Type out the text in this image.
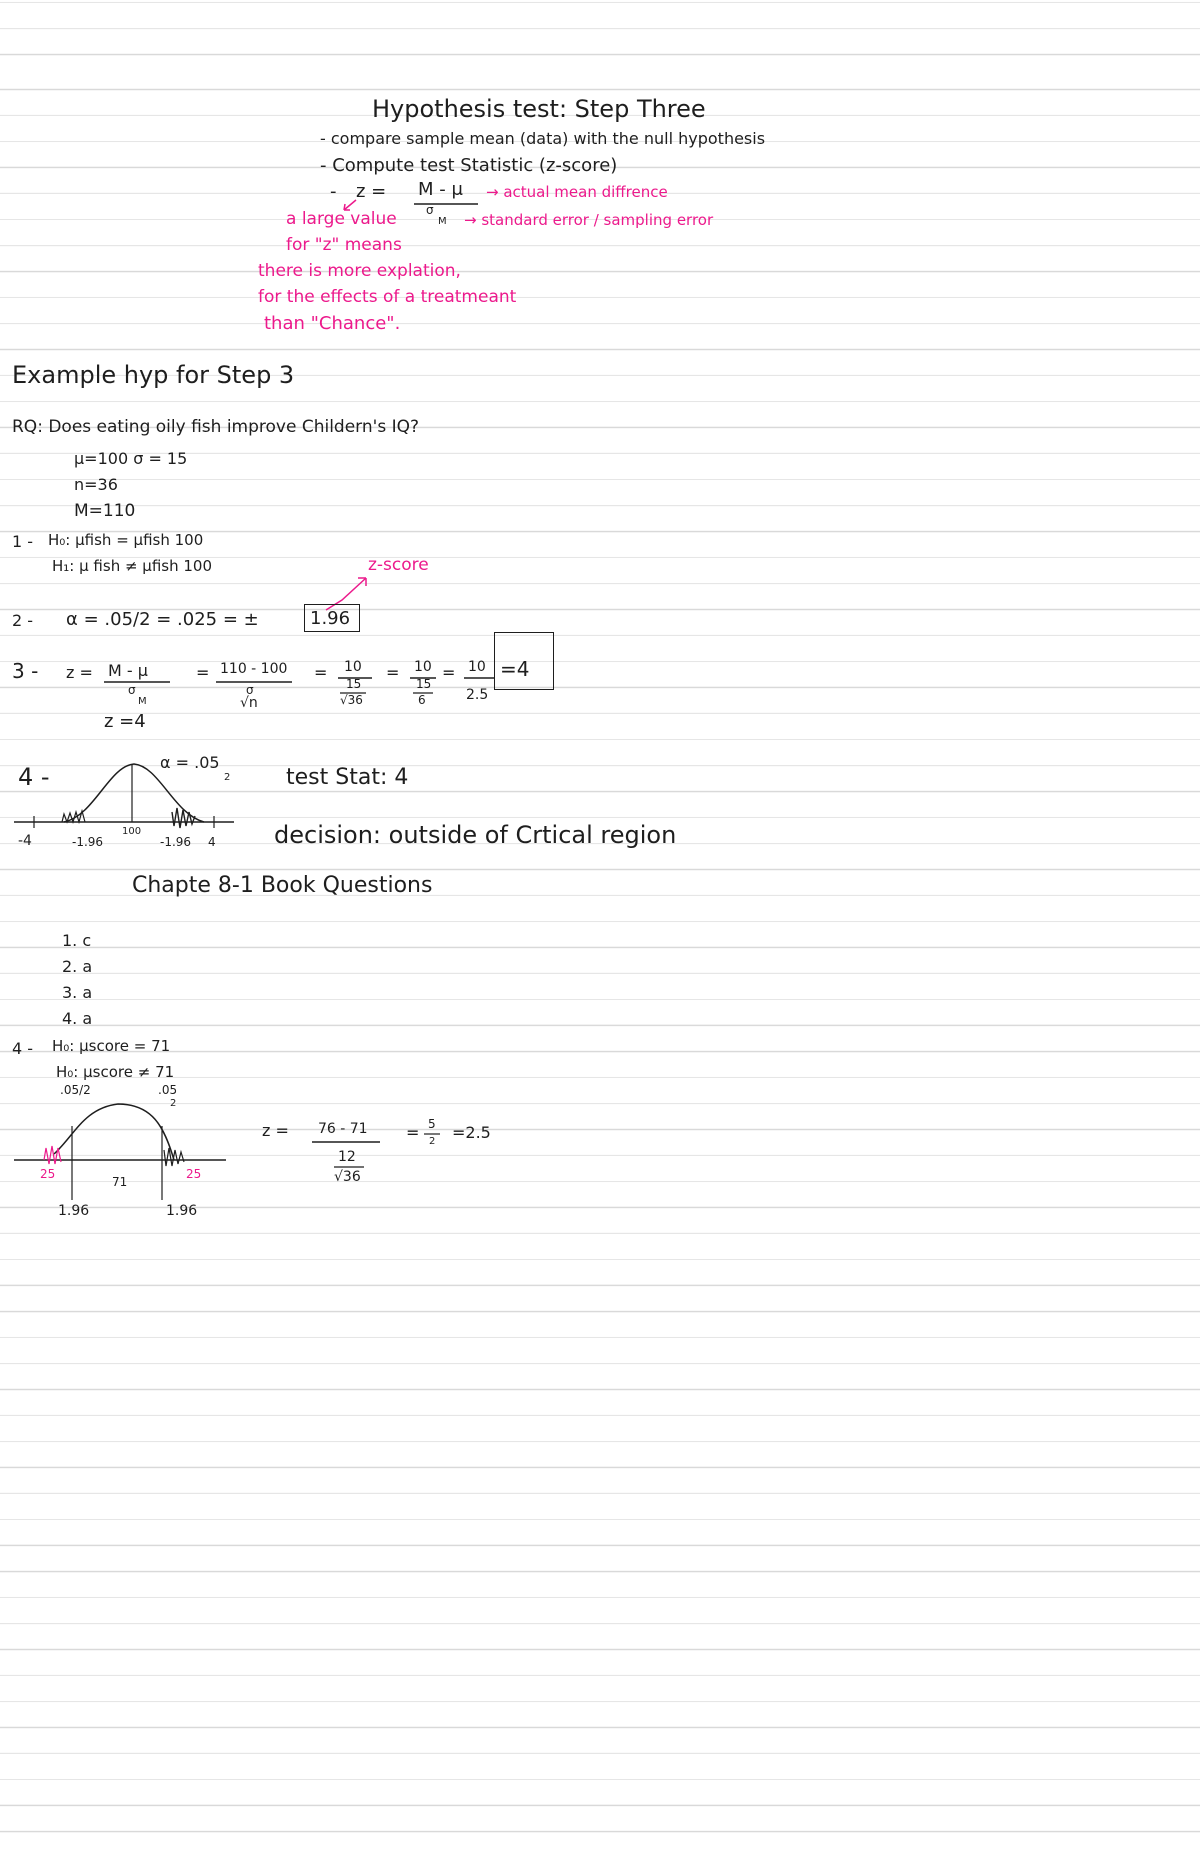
Hypothesis test: Step Three
- compare sample mean (data) with the null hypothesis
- Compute test Statistic (z-score)
- z = M - μ
σ
M
→ actual mean diffrence
→ standard error / sampling error
a large value
for "z" means
there is more explation,
for the effects of a treatmeant
than "Chance".
Example hyp for Step 3
RQ: Does eating oily fish improve Childern's IQ?
μ=100 σ = 15
n=36
M=110
1 - H₀: μfish = μfish 100
H₁: μ fish ≠ μfish 100	z-score
2 - α = .05/2 = .025 = ±	1.96
3 - z = M - μ
σ
M
= 110 - 100
σ
√n
= 10
15
√36
= 10
15
6
= 10
2.5
=4
z =4
4 -
α = .05
2
-4	-1.96
100
-1.96 4
test Stat: 4
decision: outside of Crtical region
Chapte 8-1 Book Questions
1. c
2. a
3. a
4. a
4 - H₀: μscore = 71
H₀: μscore ≠ 71
.05/2	.05
2
25	25
71
1.96	1.96
z = 76 - 71
12
√36
= 5
2 =2.5
